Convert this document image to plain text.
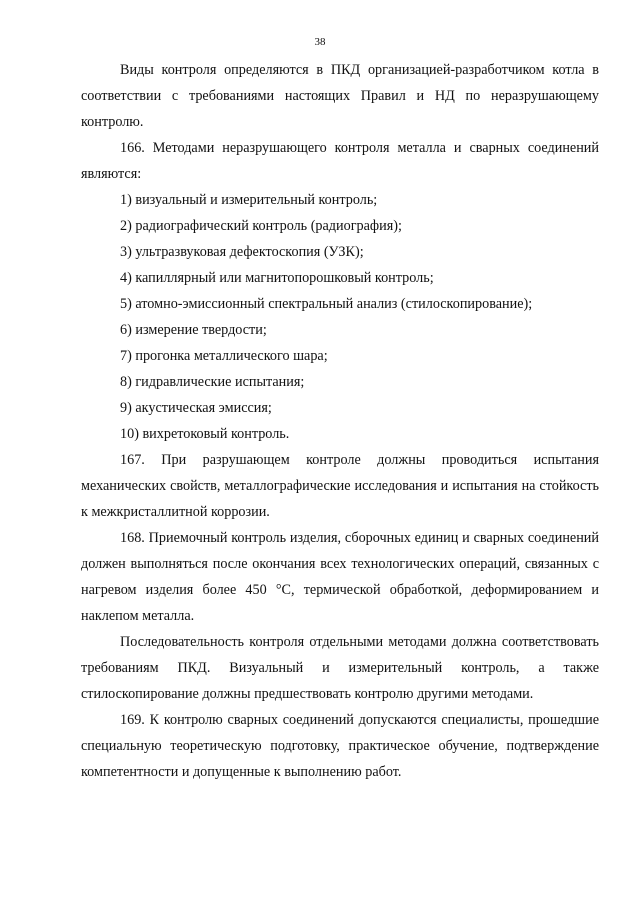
38

Виды контроля определяются в ПКД организацией-разработчиком котла в соответствии с требованиями настоящих Правил и НД по неразрушающему контролю.

166. Методами неразрушающего контроля металла и сварных соединений являются:

1) визуальный и измерительный контроль;

2) радиографический контроль (радиография);

3) ультразвуковая дефектоскопия (УЗК);

4) капиллярный или магнитопорошковый контроль;

5) атомно-эмиссионный спектральный анализ (стилоскопирование);

6) измерение твердости;

7) прогонка металлического шара;

8) гидравлические испытания;

9) акустическая эмиссия;

10) вихретоковый контроль.

167. При разрушающем контроле должны проводиться испытания механических свойств, металлографические исследования и испытания на стойкость к межкристаллитной коррозии.

168. Приемочный контроль изделия, сборочных единиц и сварных соединений должен выполняться после окончания всех технологических операций, связанных с нагревом изделия более 450 °С, термической обработкой, деформированием и наклепом металла.

Последовательность контроля отдельными методами должна соответствовать требованиям ПКД. Визуальный и измерительный контроль, а также стилоскопирование должны предшествовать контролю другими методами.

169. К контролю сварных соединений допускаются специалисты, прошедшие специальную теоретическую подготовку, практическое обучение, подтверждение компетентности и допущенные к выполнению работ.
